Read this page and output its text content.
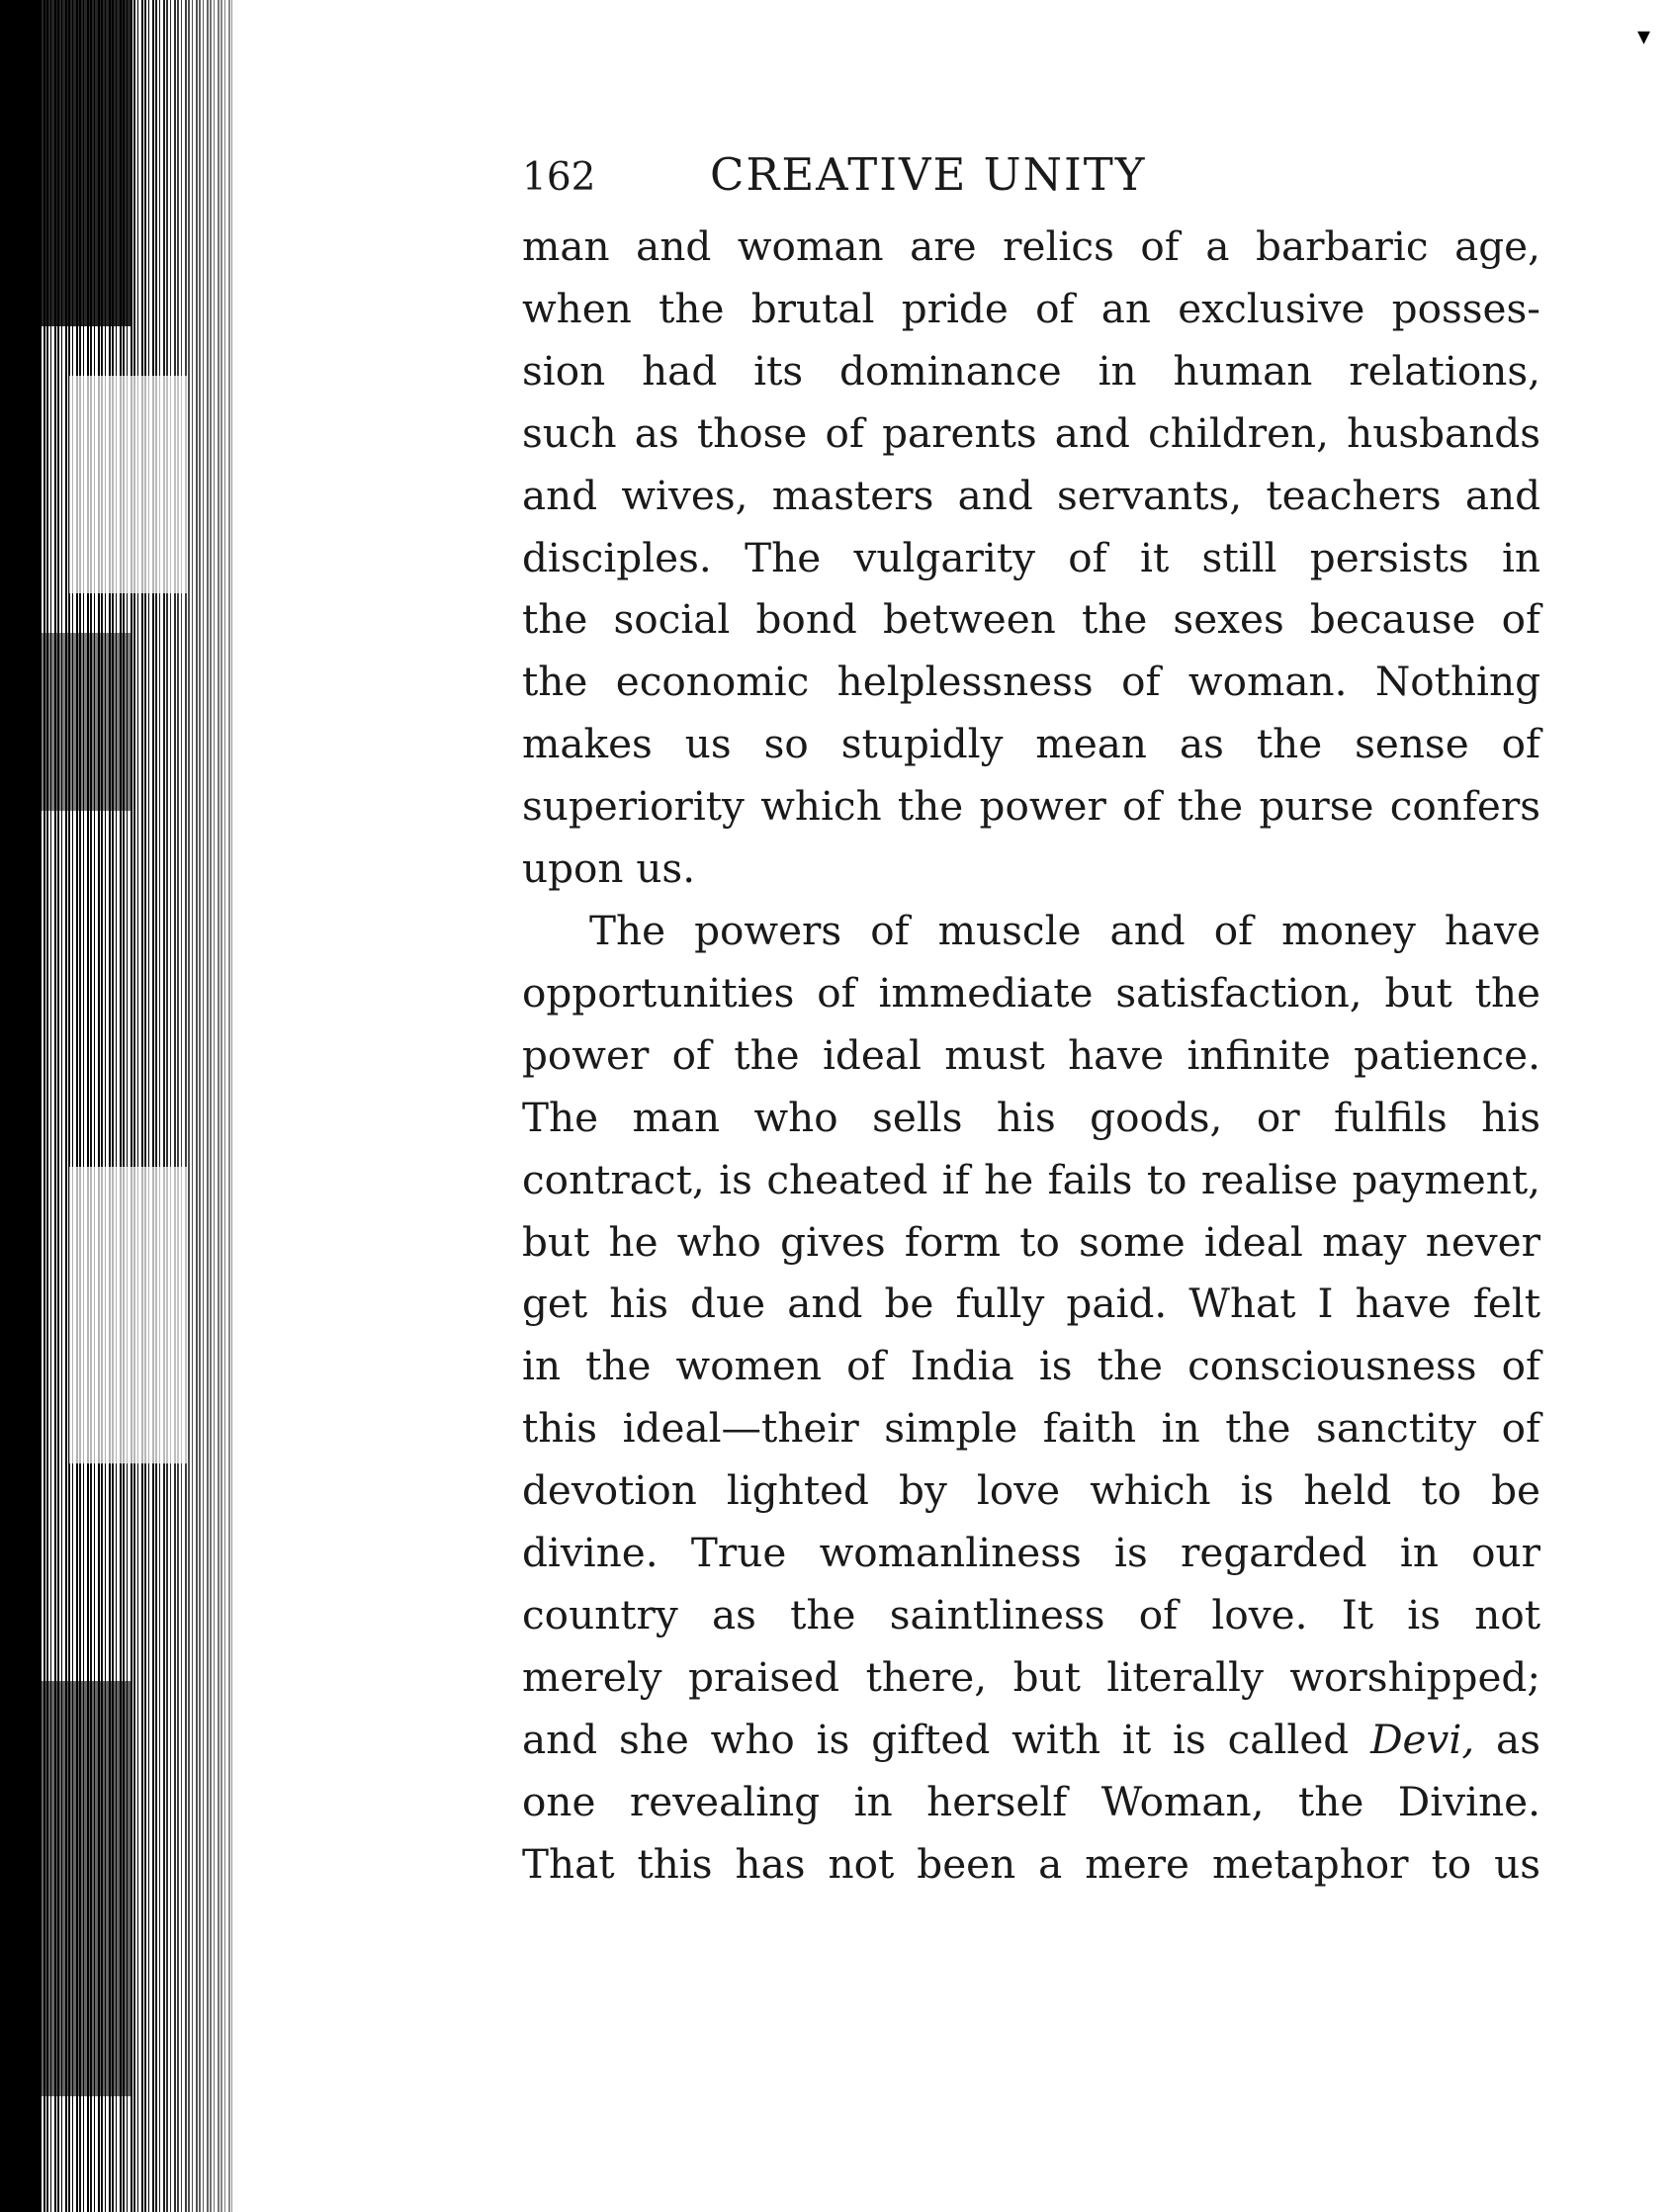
▾
162	CREATIVE UNITY

man and woman are relics of a barbaric age,
when the brutal pride of an exclusive posses-
sion had its dominance in human relations,
such as those of parents and children, husbands
and wives, masters and servants, teachers and
disciples. The vulgarity of it still persists in
the social bond between the sexes because of
the economic helplessness of woman. Nothing
makes us so stupidly mean as the sense of
superiority which the power of the purse confers
upon us.

The powers of muscle and of money have
opportunities of immediate satisfaction, but the
power of the ideal must have infinite patience.
The man who sells his goods, or fulfils his
contract, is cheated if he fails to realise payment,
but he who gives form to some ideal may never
get his due and be fully paid. What I have felt
in the women of India is the consciousness of
this ideal—their simple faith in the sanctity of
devotion lighted by love which is held to be
divine. True womanliness is regarded in our
country as the saintliness of love. It is not
merely praised there, but literally worshipped;
and she who is gifted with it is called Devi, as
one revealing in herself Woman, the Divine.
That this has not been a mere metaphor to us
